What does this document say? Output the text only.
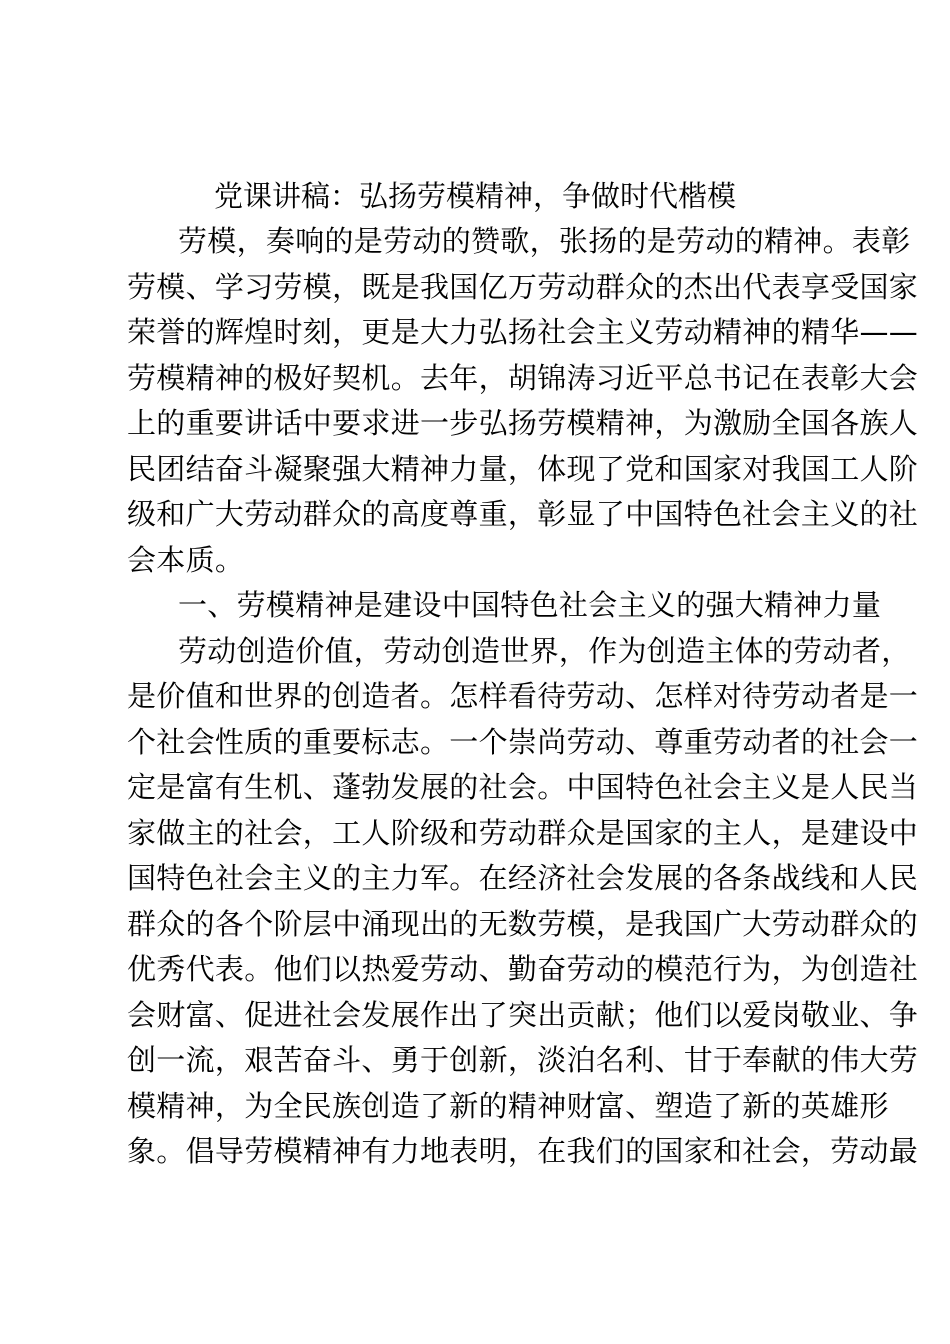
党课讲稿：弘扬劳模精神，争做时代楷模
劳模，奏响的是劳动的赞歌，张扬的是劳动的精神。表彰
劳模、学习劳模，既是我国亿万劳动群众的杰出代表享受国家
荣誉的辉煌时刻，更是大力弘扬社会主义劳动精神的精华——
劳模精神的极好契机。去年，胡锦涛习近平总书记在表彰大会
上的重要讲话中要求进一步弘扬劳模精神，为激励全国各族人
民团结奋斗凝聚强大精神力量，体现了党和国家对我国工人阶
级和广大劳动群众的高度尊重，彰显了中国特色社会主义的社
会本质。
一、劳模精神是建设中国特色社会主义的强大精神力量
劳动创造价值，劳动创造世界，作为创造主体的劳动者，
是价值和世界的创造者。怎样看待劳动、怎样对待劳动者是一
个社会性质的重要标志。一个崇尚劳动、尊重劳动者的社会一
定是富有生机、蓬勃发展的社会。中国特色社会主义是人民当
家做主的社会，工人阶级和劳动群众是国家的主人，是建设中
国特色社会主义的主力军。在经济社会发展的各条战线和人民
群众的各个阶层中涌现出的无数劳模，是我国广大劳动群众的
优秀代表。他们以热爱劳动、勤奋劳动的模范行为，为创造社
会财富、促进社会发展作出了突出贡献；他们以爱岗敬业、争
创一流，艰苦奋斗、勇于创新，淡泊名利、甘于奉献的伟大劳
模精神，为全民族创造了新的精神财富、塑造了新的英雄形
象。倡导劳模精神有力地表明，在我们的国家和社会，劳动最
